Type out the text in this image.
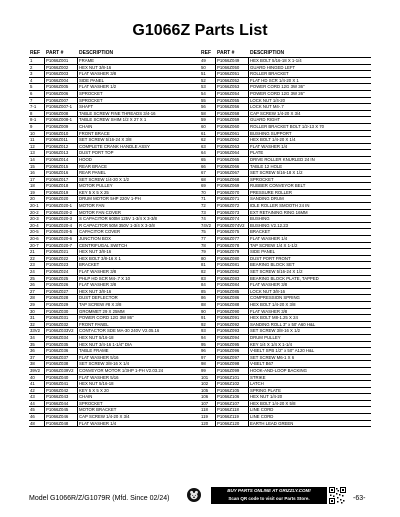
G1066Z Parts List
REF	PART #	DESCRIPTION
1	P1066Z001	FRAME
2	P1066Z002	HEX NUT 3/8-16
3	P1066Z003	FLAT WASHER 3/8
4	P1066Z004	SIDE PANEL
5	P1066Z005	FLAT WASHER 1/2
6	P1066Z006	SPROCKET
7	P1066Z007	SPROCKET
7-1	P1066Z007-1	SHAFT
8	P1066Z008	TABLE SCREW FINE THREADS 3/4-16
8-1	P1066Z008-1	TABLE SCREW SHIM 1/2 X 27 X 1
9	P1066Z009	CHAIN
10	P1066Z010	FRONT BRACE
11	P1066Z011	SET SCREW 5/16-24 X 3/8
12	P1066Z012	COMPLETE CRANK HANDLE ASSY
13	P1066Z013	DUST PORT TOP
14	P1066Z014	HOOD
15	P1066Z015	REAR BRACE
16	P1066Z016	REAR PANEL
17	P1066Z017	SET SCREW 1/4-20 X 1/2
18	P1066Z018	MOTOR PULLEY
19	P1066Z019	KEY 5 X 5 X 25
20	P1066Z020	DRUM MOTOR 5HP 220V 1-PH
20-1	P1066Z020-1	MOTOR FAN
20-2	P1066Z020-2	MOTOR FAN COVER
20-3	P1066Z020-3	S CAPACITOR 600M 125V 1-3/4 X 3-3/8
20-4	P1066Z020-4	R CAPACITOR 50M 350V 1-3/4 X 3-3/8
20-5	P1066Z020-5	CAPACITOR COVER
20-6	P1066Z020-6	JUNCTION BOX
20-7	P1066Z020-7	CENTRIFUGAL SWITCH
21	P1066Z021	HEX NUT 3/8-16
22	P1066Z022	HEX BOLT 3/8-16 X 1
23	P1066Z023	BRACKET
24	P1066Z024	FLAT WASHER 3/8
25	P1066Z025	PHLP HD SCR M4-.7 X 10
26	P1066Z026	FLAT WASHER 3/8
27	P1066Z027	HEX NUT 3/8-16
28	P1066Z028	DUST DEFLECTOR
29	P1066Z029	TAP SCREW #8 X 3/8
30	P1066Z030	GROMMET 29 X 25MM
31	P1066Z031	POWER CORD 12G 3W 86"
32	P1066Z032	FRONT PANEL
33V2	P1066Z033V2	CONTACTOR SDE MA-30 240V V2.05.16
34	P1066Z034	HEX NUT 5/16-18
35	P1066Z035	HEX NUT 3/4-16 1-1/4" DIA
36	P1066Z036	TABLE FRAME
37	P1066Z037	FLAT WASHER 5/16
38	P1066Z038	SET SCREW 3/8-16 X 1/4
39V2	P1066Z039V2	CONVEYOR MOTOR 1/3HP 1-PH V2.03.24
40	P1066Z040	FLAT WASHER 5/16
41	P1066Z041	HEX NUT 5/16-18
42	P1066Z042	KEY 5 X 5 X 20
43	P1066Z043	CHAIN
44	P1066Z044	SPROCKET
45	P1066Z045	MOTOR BRACKET
46	P1066Z046	CAP SCREW 1/4-20 X 3/4
48	P1066Z048	FLAT WASHER 1/4
REF	PART #	DESCRIPTION
49	P1066Z049	HEX BOLT 5/16-18 X 1-1/4
50	P1066Z050	GUARD HINGED LEFT
51	P1066Z051	ROLLER BRACKET
52	P1066Z052	FLAT HD SCR 1/4-20 X 1
53	P1066Z053	POWER CORD 12G 3W 36"
54	P1066Z054	POWER CORD 12G 3W 26"
55	P1066Z055	LOCK NUT 1/4-20
56	P1066Z056	LOCK NUT M4-.7
58	P1066Z058	CAP SCREW 1/4-20 X 3/4
59	P1066Z059	GUARD RIGHT
60	P1066Z060	ROLLER BRACKET BOLT 1/2-13 X 70
61	P1066Z061	BUSHING SUPPORT
62	P1066Z062	HEX BOLT 1/4-20 X 1/4
63	P1066Z063	FLAT WASHER 1/4
64	P1066Z064	PLATE
65	P1066Z065	DRIVE ROLLER KNURLED 24 IN
66	P1066Z066	TABLE 12 HOLE
67	P1066Z067	SET SCREW 5/16-18 X 1/2
68	P1066Z068	SPROCKET
69	P1066Z069	RUBBER CONVEYOR BELT
70	P1066Z070	PRESSURE ROLLER
71	P1066Z071	SANDING DRUM
72	P1066Z072	IDLE ROLLER SMOOTH 24 IN
73	P1066Z073	EXT RETAINING RING 16MM
74	P1066Z074	BUSHING
74V2	P1066Z074V2	BUSHING V2.12.23
75	P1066Z075	BRACKET
77	P1066Z077	FLAT WASHER 1/4
78	P1066Z078	TAP SCREW 1/4 X 1-1/2
79	P1066Z079	SIDE PANEL
80	P1066Z080	DUST PORT FRONT
81	P1066Z081	BEARING BLOCK SET
82	P1066Z082	SET SCREW 5/16-24 X 1/2
83	P1066Z083	BEARING BLOCK PLATE, TAPPED
84	P1066Z084	FLAT WASHER 3/8
85	P1066Z085	LOCK NUT 3/8-16
86	P1066Z086	COMPRESSION SPRING
88	P1066Z088	HEX BOLT 1/4-20 X 3/8
90	P1066Z090	FLAT WASHER 3/8
91	P1066Z091	HEX BOLT M8-1.25 X 24
92	P1066Z092	SANDING ROLL 3" x 50' A60 H&L
93	P1066Z093	SET SCREW 3/8-16 X 1/2
94	P1066Z094	DRUM PULLEY
95	P1066Z095	KEY 1/4 X 1/4 X 1-1/4
96	P1066Z096	V-BELT SPB 1/2" x 50" A120 H&L
97	P1066Z097	SET SCREW M6-1 X 6
98	P1066Z098	V-BELT B67
99	P1066Z099	HOOK-AND-LOOP BACKING
101	P1066Z101	STRIKE
102	P1066Z102	LATCH
105	P1066Z105	SPRING PLATE
106	P1066Z106	HEX NUT 1/4-20
107	P1066Z107	HEX BOLT 1/4-20 X 5/8
118	P1066Z118	LINE CORD
119	P1066Z119	LINE CORD
120	P1066Z120	EARTH LEAD GREEN
Model G1066R/Z/G1079R (Mfd. Since 02/24)
BUY PARTS ONLINE AT GRIZZLY.COM!
Scan QR code to visit our Parts Store.	-63-
